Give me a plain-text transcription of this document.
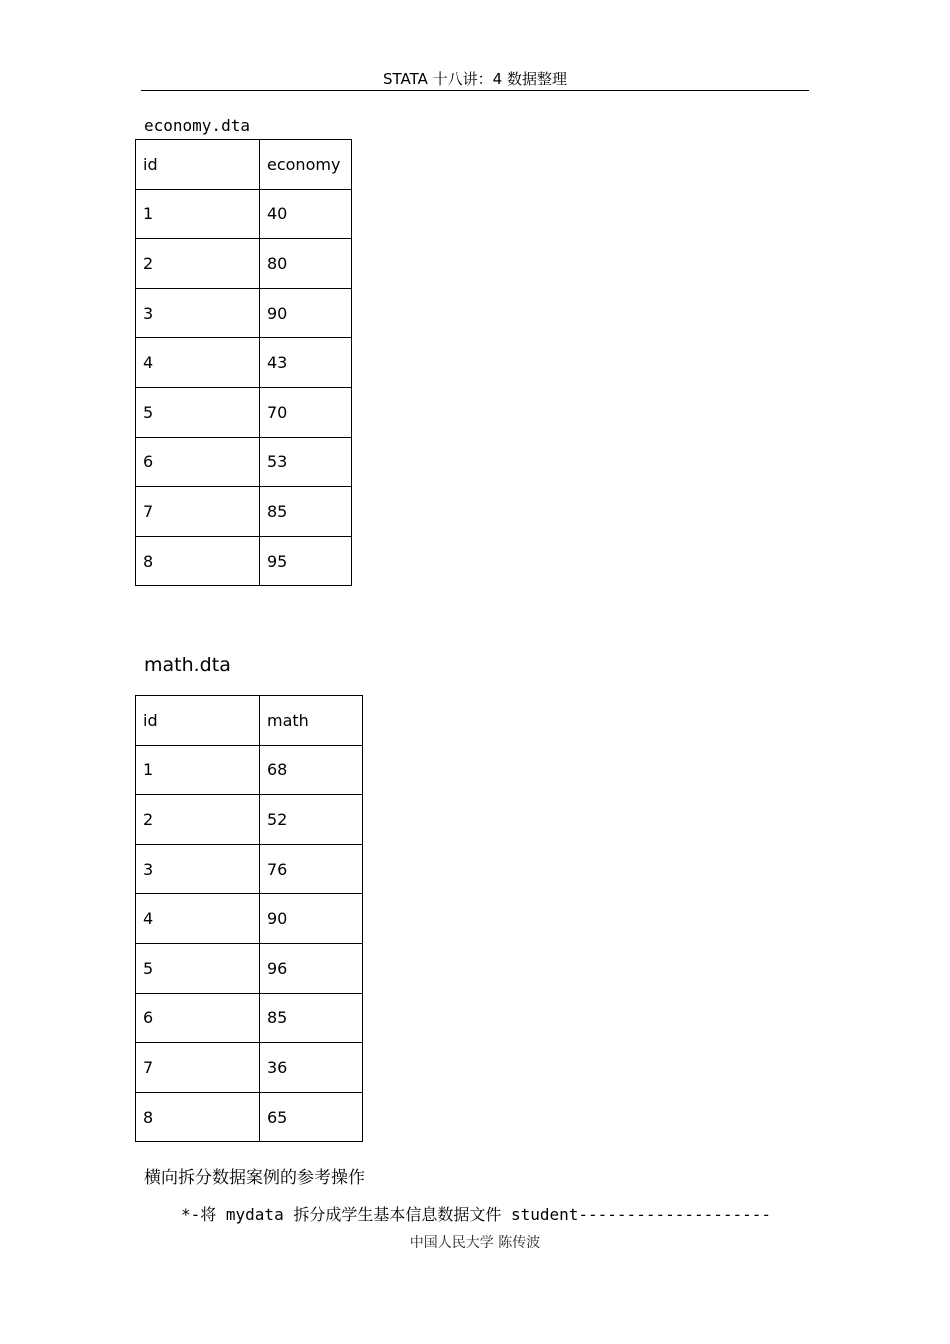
STATA 十八讲：4 数据整理
economy.dta
id	economy
1	40
2	80
3	90
4	43
5	70
6	53
7	85
8	95
math.dta
id	math
1	68
2	52
3	76
4	90
5	96
6	85
7	36
8	65
横向拆分数据案例的参考操作
*-将 mydata 拆分成学生基本信息数据文件 student--------------------
中国人民大学 陈传波
